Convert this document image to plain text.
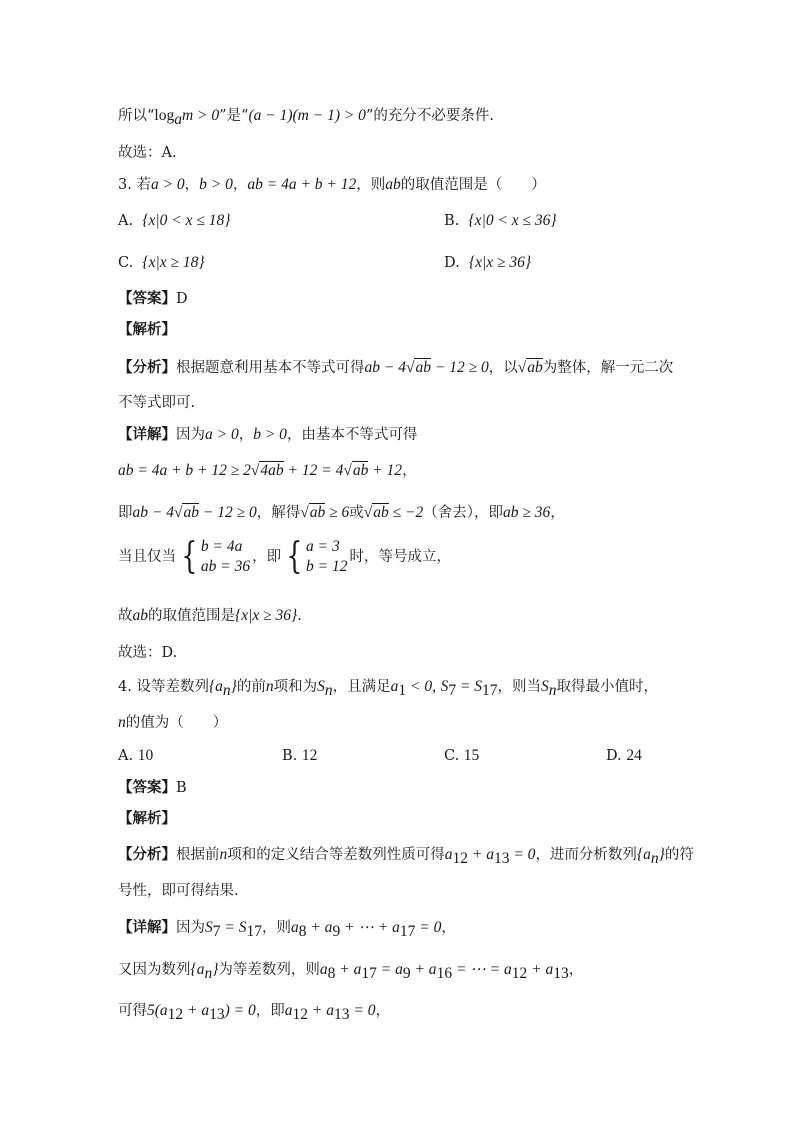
所以“$\log_am > 0$”是“(a − 1)(m − 1) > 0”的充分不必要条件.
故选：A.
3. 若a > 0，b > 0，ab = 4a + b + 12，则ab的取值范围是（　　）
A. {x|0 < x ≤ 18}	B. {x|0 < x ≤ 36}
C. {x|x ≥ 18}	D. {x|x ≥ 36}
【答案】D
【解析】
【分析】根据题意利用基本不等式可得ab − 4√ab − 12 ≥ 0，以√ab为整体，解一元二次
不等式即可.
【详解】因为a > 0，b > 0，由基本不等式可得
ab = 4a + b + 12 ≥ 2√4ab + 12 = 4√ab + 12，
即ab − 4√ab − 12 ≥ 0，解得√ab ≥ 6或√ab ≤ −2（舍去），即ab ≥ 36，
当且仅当 { b = 4a
ab = 36
，即 { a = 3
b = 12
时，等号成立，
故ab的取值范围是{x|x ≥ 36}.
故选：D.
4. 设等差数列$\{a_n\}$的前n项和为$S_n$，且满足$a_1 < 0$, $S_7 = S_{17}$，则当$S_n$取得最小值时，
n的值为（　　）
A. 10	B. 12	C. 15	D. 24
【答案】B
【解析】
【分析】根据前n项和的定义结合等差数列性质可得$a_{12} + a_{13} = 0$，进而分析数列$\{a_n\}$的符
号性，即可得结果.
【详解】因为$S_7 = S_{17}$，则$a_8 + a_9$ + ⋯ + $a_{17} = 0$，
又因为数列$\{a_n\}$为等差数列，则$a_8 + a_{17} = a_9 + a_{16}$ = ⋯ = $a_{12} + a_{13}$，
可得$5(a_{12} + a_{13}) = 0$，即$a_{12} + a_{13} = 0$，
